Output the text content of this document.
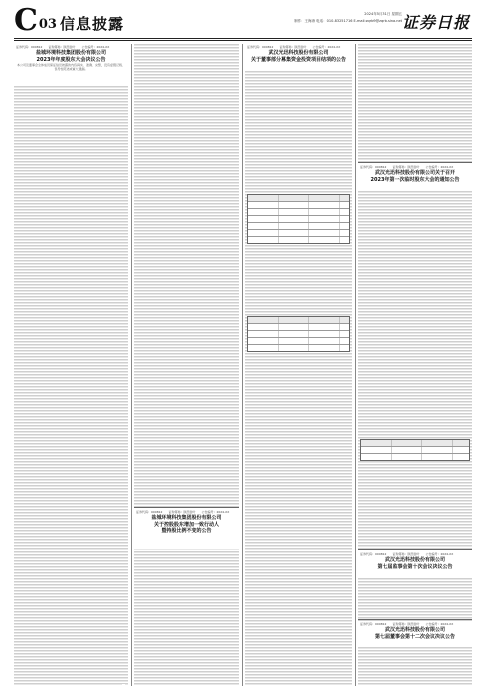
C03 信息披露
2024年5月31日 星期五
制作：王海涛 电话：010-83251716 E-mail:zqrb9@zqrb.sina.net 证券日报
证券代码：000812　　证券简称：陕西金叶　　公告编号：2024-XX
盐城环境科技集团股份有限公司
2023年年度股东大会决议公告
本公司及董事会全体成员保证信息披露的内容真实、准确、完整，没有虚假记载、误导性陈述或重大遗漏。

证券代码：000812　　证券简称：陕西金叶　　公告编号：2024-XX
盐城环境科技集团股份有限公司
关于控股股东增加一致行动人
暨持股比例不变的公告
证券代码：000812　　证券简称：陕西金叶　　公告编号：2024-XX
武汉光迅科技股份有限公司
关于董事部分募集资金投资项目结项的公告
证券代码：000812　　证券简称：陕西金叶　　公告编号：2024-XX
武汉光迅科技股份有限公司关于召开
2023年第一次临时股东大会的通知公告
证券代码：000812　　证券简称：陕西金叶　　公告编号：2024-XX
武汉光迅科技股份有限公司
第七届监事会第十次会议决议公告
证券代码：000812　　证券简称：陕西金叶　　公告编号：2024-XX
武汉光迅科技股份有限公司
第七届董事会第十二次会议决议公告
